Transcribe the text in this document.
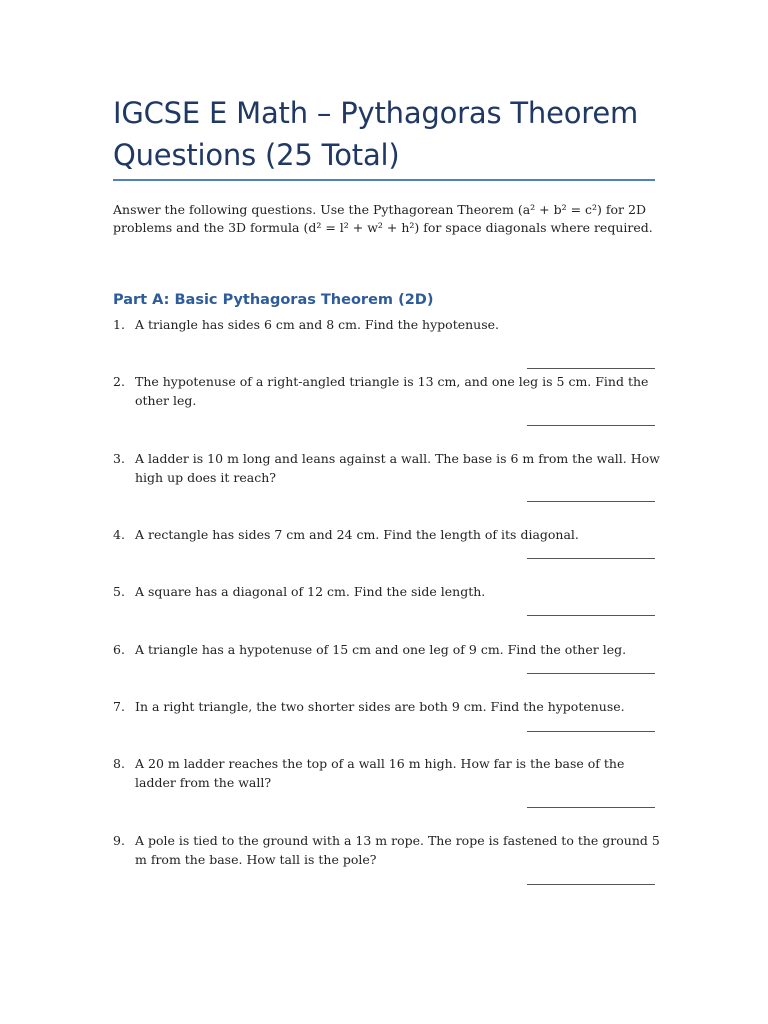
IGCSE E Math – Pythagoras Theorem Questions (25 Total)

Answer the following questions. Use the Pythagorean Theorem (a² + b² = c²) for 2D problems and the 3D formula (d² = l² + w² + h²) for space diagonals where required.

Part A: Basic Pythagoras Theorem (2D)
1. A triangle has sides 6 cm and 8 cm. Find the hypotenuse.
2. The hypotenuse of a right-angled triangle is 13 cm, and one leg is 5 cm. Find the other leg.
3. A ladder is 10 m long and leans against a wall. The base is 6 m from the wall. How high up does it reach?
4. A rectangle has sides 7 cm and 24 cm. Find the length of its diagonal.
5. A square has a diagonal of 12 cm. Find the side length.
6. A triangle has a hypotenuse of 15 cm and one leg of 9 cm. Find the other leg.
7. In a right triangle, the two shorter sides are both 9 cm. Find the hypotenuse.
8. A 20 m ladder reaches the top of a wall 16 m high. How far is the base of the ladder from the wall?
9. A pole is tied to the ground with a 13 m rope. The rope is fastened to the ground 5 m from the base. How tall is the pole?
